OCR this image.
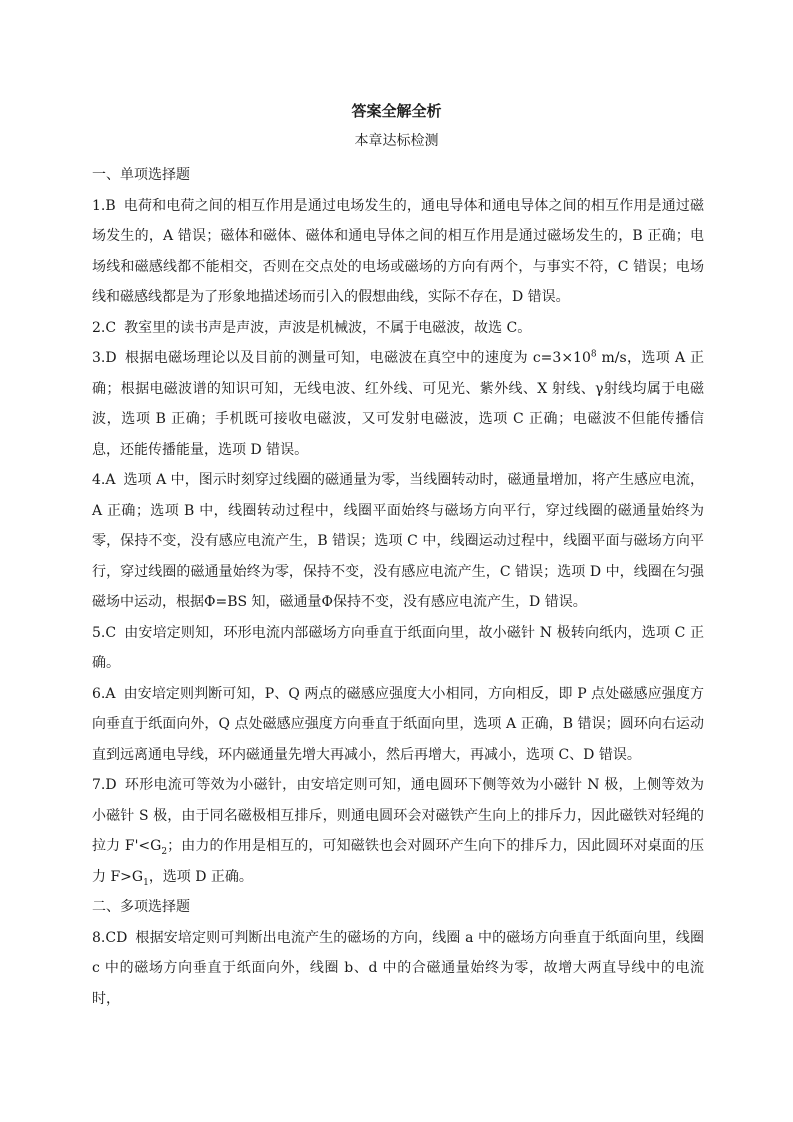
答案全解全析
本章达标检测

一、单项选择题

1.B 电荷和电荷之间的相互作用是通过电场发生的，通电导体和通电导体之间的相互作用是通过磁场发生的，A 错误；磁体和磁体、磁体和通电导体之间的相互作用是通过磁场发生的，B 正确；电场线和磁感线都不能相交，否则在交点处的电场或磁场的方向有两个，与事实不符，C 错误；电场线和磁感线都是为了形象地描述场而引入的假想曲线，实际不存在，D 错误。

2.C 教室里的读书声是声波，声波是机械波，不属于电磁波，故选 C。

3.D 根据电磁场理论以及目前的测量可知，电磁波在真空中的速度为 $c=3\times 10^8$ m/s，选项 A 正确；根据电磁波谱的知识可知，无线电波、红外线、可见光、紫外线、X 射线、γ射线均属于电磁波，选项 B 正确；手机既可接收电磁波，又可发射电磁波，选项 C 正确；电磁波不但能传播信息，还能传播能量，选项 D 错误。

4.A 选项 A 中，图示时刻穿过线圈的磁通量为零，当线圈转动时，磁通量增加，将产生感应电流，A 正确；选项 B 中，线圈转动过程中，线圈平面始终与磁场方向平行，穿过线圈的磁通量始终为零，保持不变，没有感应电流产生，B 错误；选项 C 中，线圈运动过程中，线圈平面与磁场方向平行，穿过线圈的磁通量始终为零，保持不变，没有感应电流产生，C 错误；选项 D 中，线圈在匀强磁场中运动，根据Φ=BS 知，磁通量Φ保持不变，没有感应电流产生，D 错误。

5.C 由安培定则知，环形电流内部磁场方向垂直于纸面向里，故小磁针 N 极转向纸内，选项 C 正确。

6.A 由安培定则判断可知，P、Q 两点的磁感应强度大小相同，方向相反，即 P 点处磁感应强度方向垂直于纸面向外，Q 点处磁感应强度方向垂直于纸面向里，选项 A 正确，B 错误；圆环向右运动直到远离通电导线，环内磁通量先增大再减小，然后再增大，再减小，选项 C、D 错误。

7.D 环形电流可等效为小磁针，由安培定则可知，通电圆环下侧等效为小磁针 N 极，上侧等效为小磁针 S 极，由于同名磁极相互排斥，则通电圆环会对磁铁产生向上的排斥力，因此磁铁对轻绳的拉力 $F'<G_2$；由力的作用是相互的，可知磁铁也会对圆环产生向下的排斥力，因此圆环对桌面的压力 $F>G_1$，选项 D 正确。

二、多项选择题

8.CD 根据安培定则可判断出电流产生的磁场的方向，线圈 a 中的磁场方向垂直于纸面向里，线圈 c 中的磁场方向垂直于纸面向外，线圈 b、d 中的合磁通量始终为零，故增大两直导线中的电流时，
